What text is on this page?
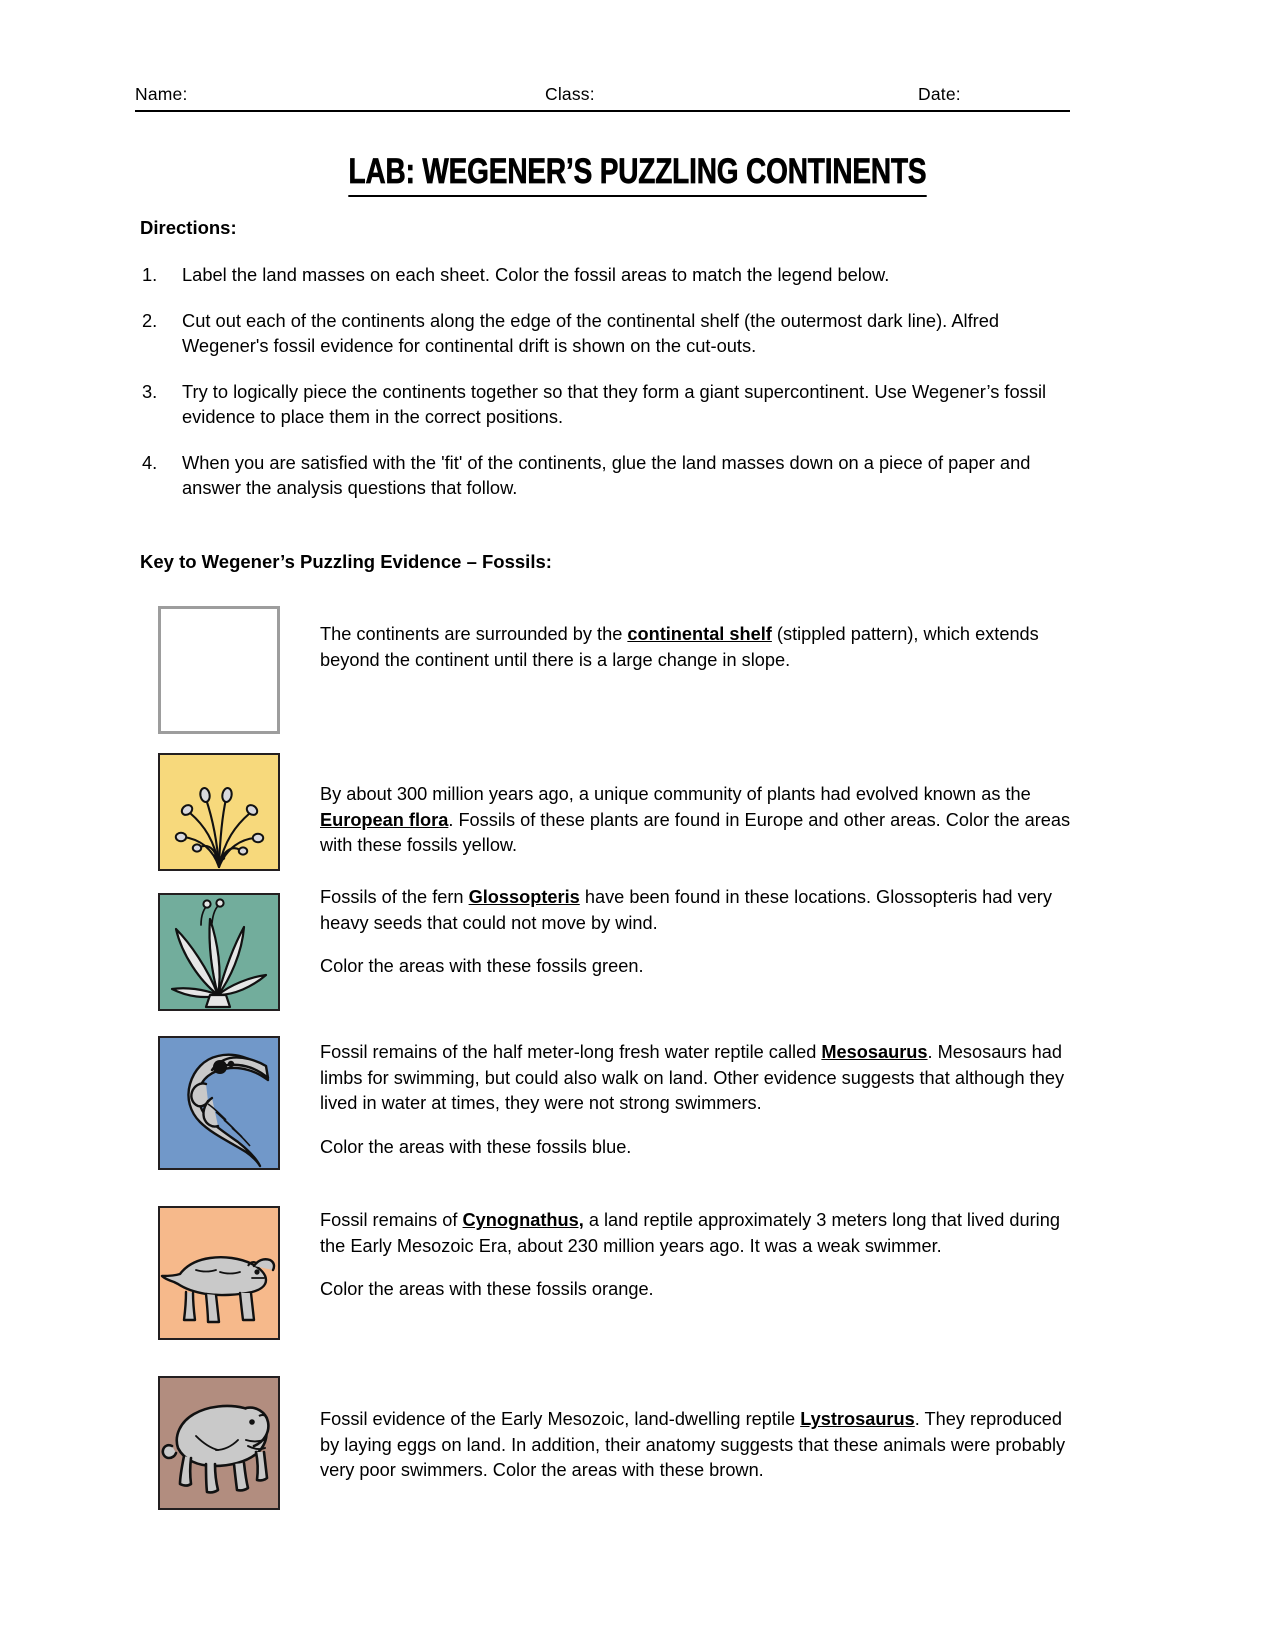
Name:	Class:	Date:
LAB: WEGENER’S PUZZLING CONTINENTS
Directions:
1. Label the land masses on each sheet. Color the fossil areas to match the legend below.
2. Cut out each of the continents along the edge of the continental shelf (the outermost dark line). Alfred Wegener's fossil evidence for continental drift is shown on the cut-outs.
3. Try to logically piece the continents together so that they form a giant supercontinent. Use Wegener’s fossil evidence to place them in the correct positions.
4. When you are satisfied with the 'fit' of the continents, glue the land masses down on a piece of paper and answer the analysis questions that follow.
Key to Wegener’s Puzzling Evidence – Fossils:

The continents are surrounded by the continental shelf (stippled pattern), which extends beyond the continent until there is a large change in slope.

By about 300 million years ago, a unique community of plants had evolved known as the European flora. Fossils of these plants are found in Europe and other areas. Color the areas with these fossils yellow.

Fossils of the fern Glossopteris have been found in these locations. Glossopteris had very heavy seeds that could not move by wind.

Color the areas with these fossils green.

Fossil remains of the half meter-long fresh water reptile called Mesosaurus. Mesosaurs had limbs for swimming, but could also walk on land. Other evidence suggests that although they lived in water at times, they were not strong swimmers.

Color the areas with these fossils blue.

Fossil remains of Cynognathus, a land reptile approximately 3 meters long that lived during the Early Mesozoic Era, about 230 million years ago. It was a weak swimmer.

Color the areas with these fossils orange.

Fossil evidence of the Early Mesozoic, land-dwelling reptile Lystrosaurus. They reproduced by laying eggs on land. In addition, their anatomy suggests that these animals were probably very poor swimmers. Color the areas with these brown.
